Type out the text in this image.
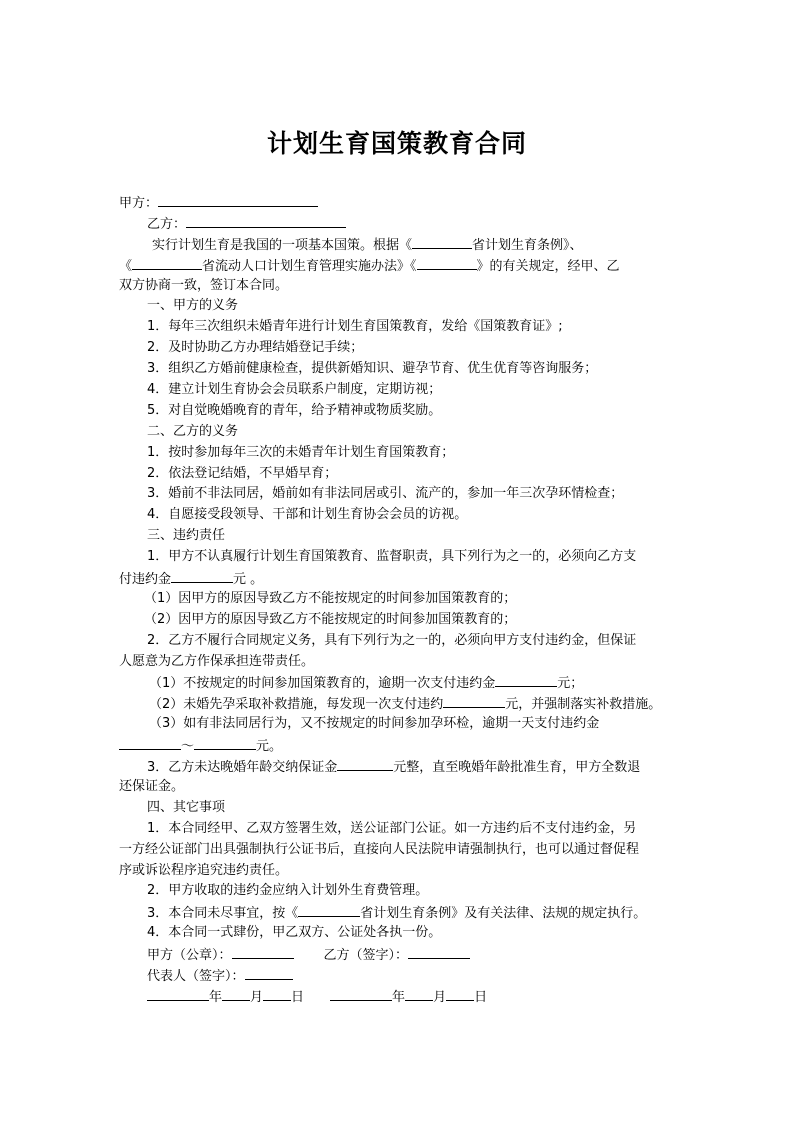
计划生育国策教育合同
甲方：
乙方：
实行计划生育是我国的一项基本国策。根据《	省计划生育条例》、
《	省流动人口计划生育管理实施办法》《	》的有关规定，经甲、乙
双方协商一致，签订本合同。
一、甲方的义务
1．每年三次组织未婚青年进行计划生育国策教育，发给《国策教育证》;
2．及时协助乙方办理结婚登记手续；
3．组织乙方婚前健康检查，提供新婚知识、避孕节育、优生优育等咨询服务；
4．建立计划生育协会会员联系户制度，定期访视；
5．对自觉晚婚晚育的青年，给予精神或物质奖励。
二、乙方的义务
1．按时参加每年三次的未婚青年计划生育国策教育；
2．依法登记结婚，不早婚早育；
3．婚前不非法同居，婚前如有非法同居或引、流产的，参加一年三次孕环情检查；
4．自愿接受段领导、干部和计划生育协会会员的访视。
三、违约责任
1．甲方不认真履行计划生育国策教育、监督职责，具下列行为之一的，必须向乙方支
付违约金	元 。
（1）因甲方的原因导致乙方不能按规定的时间参加国策教育的；
（2）因甲方的原因导致乙方不能按规定的时间参加国策教育的；
2．乙方不履行合同规定义务，具有下列行为之一的，必须向甲方支付违约金，但保证
人愿意为乙方作保承担连带责任。
（1）不按规定的时间参加国策教育的，逾期一次支付违约金	元；
（2）未婚先孕采取补救措施，每发现一次支付违约	元，并强制落实补救措施。
（3）如有非法同居行为，又不按规定的时间参加孕环检，逾期一天支付违约金
～	元。
3．乙方未达晚婚年龄交纳保证金	元整，直至晚婚年龄批准生育，甲方全数退
还保证金。
四、其它事项
1．本合同经甲、乙双方签署生效，送公证部门公证。如一方违约后不支付违约金，另
一方经公证部门出具强制执行公证书后，直接向人民法院申请强制执行，也可以通过督促程
序或诉讼程序追究违约责任。
2．甲方收取的违约金应纳入计划外生育费管理。
3．本合同未尽事宜，按《	省计划生育条例》及有关法律、法规的规定执行。
4．本合同一式肆份，甲乙双方、公证处各执一份。
甲方（公章）：	乙方（签字）：
代表人（签字）：
年 月 日	年 月 日
